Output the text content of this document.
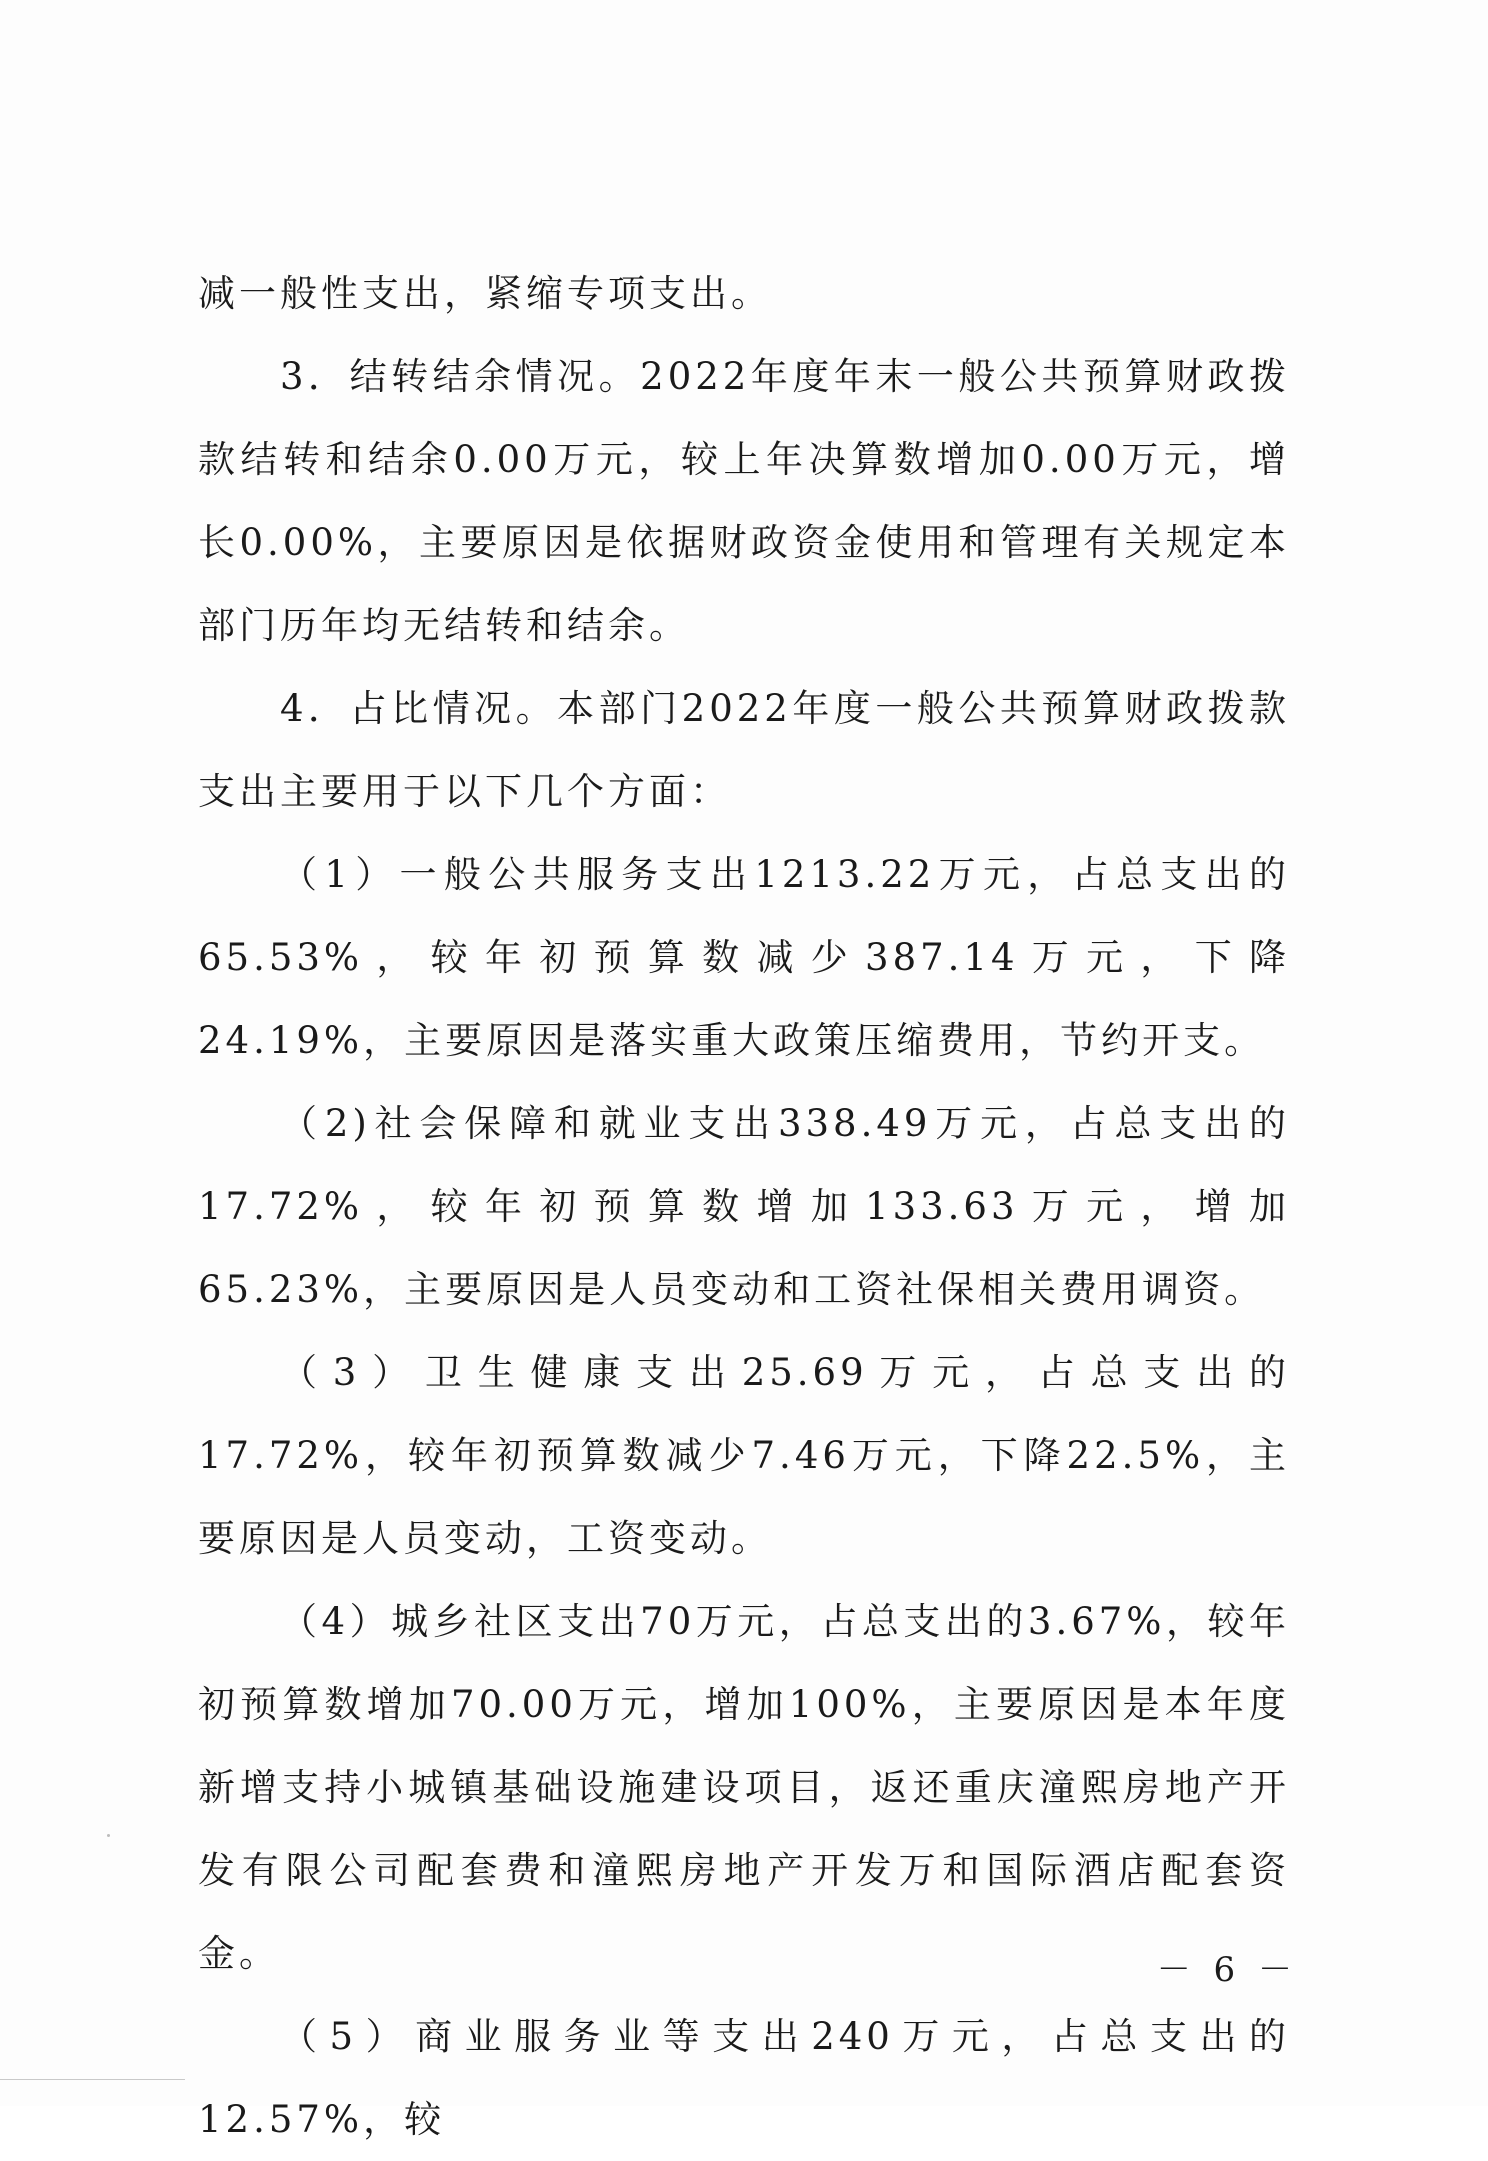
减一般性支出，紧缩专项支出。

3．结转结余情况。2022年度年末一般公共预算财政拨款结转和结余0.00万元，较上年决算数增加0.00万元，增长0.00%，主要原因是依据财政资金使用和管理有关规定本部门历年均无结转和结余。

4．占比情况。本部门2022年度一般公共预算财政拨款支出主要用于以下几个方面：

（1）一般公共服务支出1213.22万元，占总支出的65.53%，较年初预算数减少387.14万元，下降24.19%，主要原因是落实重大政策压缩费用，节约开支。

（2)社会保障和就业支出338.49万元，占总支出的17.72%，较年初预算数增加133.63万元，增加65.23%，主要原因是人员变动和工资社保相关费用调资。

（3）卫生健康支出25.69万元，占总支出的17.72%，较年初预算数减少7.46万元，下降22.5%，主要原因是人员变动，工资变动。

（4）城乡社区支出70万元，占总支出的3.67%，较年初预算数增加70.00万元，增加100%，主要原因是本年度新增支持小城镇基础设施建设项目，返还重庆潼熙房地产开发有限公司配套费和潼熙房地产开发万和国际酒店配套资金。

（5）商业服务业等支出240万元，占总支出的12.57%，较

－ 6 －
